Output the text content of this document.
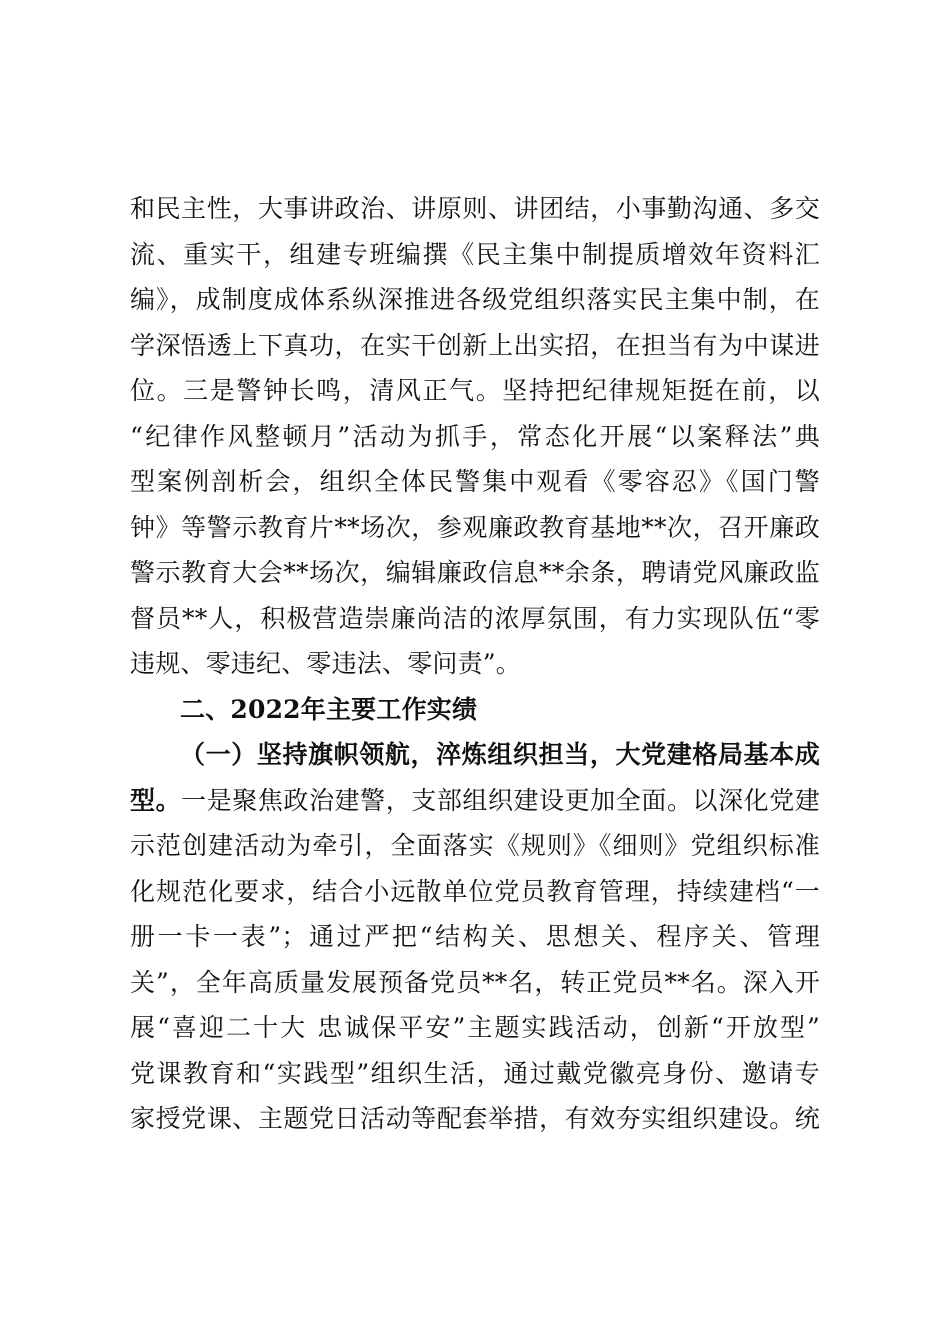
和民主性，大事讲政治、讲原则、讲团结，小事勤沟通、多交
流、重实干，组建专班编撰《民主集中制提质增效年资料汇
编》，成制度成体系纵深推进各级党组织落实民主集中制，在
学深悟透上下真功，在实干创新上出实招，在担当有为中谋进
位。三是警钟长鸣，清风正气。坚持把纪律规矩挺在前，以
“纪律作风整顿月”活动为抓手，常态化开展“以案释法”典
型案例剖析会，组织全体民警集中观看《零容忍》《国门警
钟》等警示教育片**场次，参观廉政教育基地**次，召开廉政
警示教育大会**场次，编辑廉政信息**余条，聘请党风廉政监
督员**人，积极营造崇廉尚洁的浓厚氛围，有力实现队伍“零
违规、零违纪、零违法、零问责”。
二、2022年主要工作实绩
（一）坚持旗帜领航，淬炼组织担当，大党建格局基本成
型。一是聚焦政治建警，支部组织建设更加全面。以深化党建
示范创建活动为牵引，全面落实《规则》《细则》党组织标准
化规范化要求，结合小远散单位党员教育管理，持续建档“一
册一卡一表”；通过严把“结构关、思想关、程序关、管理
关”，全年高质量发展预备党员**名，转正党员**名。深入开
展“喜迎二十大 忠诚保平安”主题实践活动，创新“开放型”
党课教育和“实践型”组织生活，通过戴党徽亮身份、邀请专
家授党课、主题党日活动等配套举措，有效夯实组织建设。统
